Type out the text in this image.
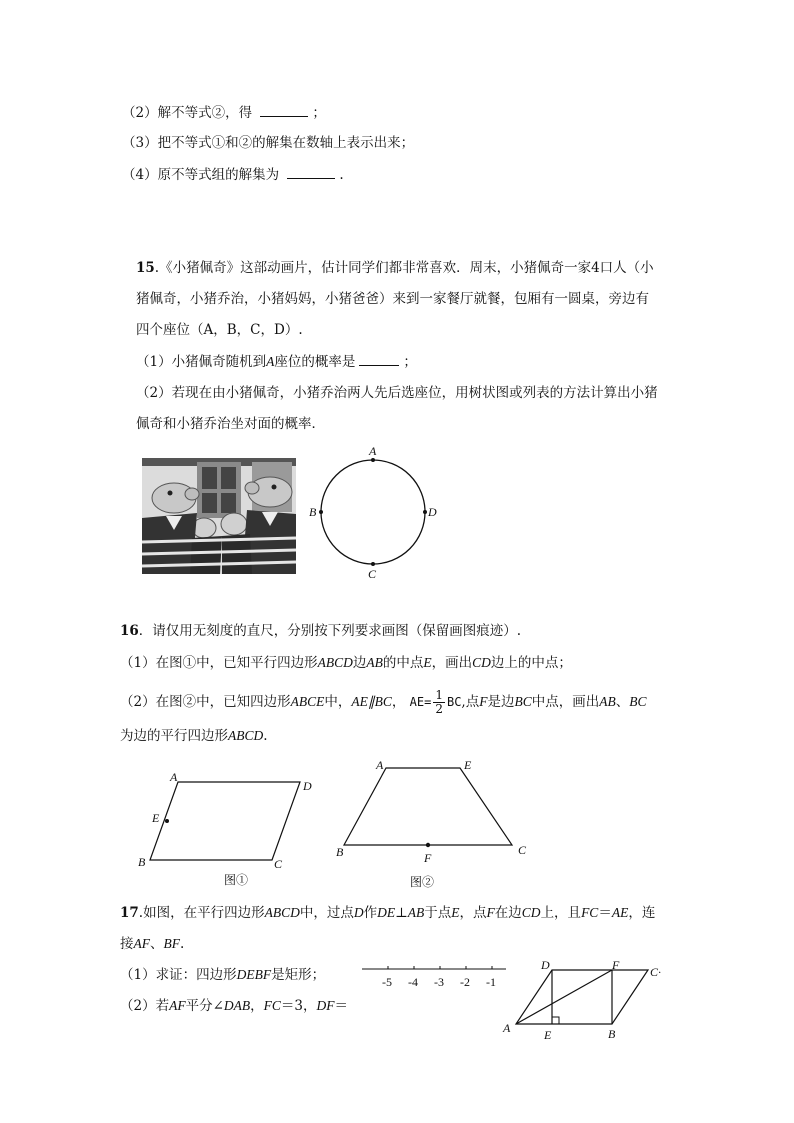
（2）解不等式②，得	；
（3）把不等式①和②的解集在数轴上表示出来；
（4）原不等式组的解集为	.
15.《小猪佩奇》这部动画片，估计同学们都非常喜欢．周末，小猪佩奇一家4口人（小
猪佩奇，小猪乔治，小猪妈妈，小猪爸爸）来到一家餐厅就餐，包厢有一圆桌，旁边有
四个座位（A，B，C，D）.
（1）小猪佩奇随机到A座位的概率是	；
（2）若现在由小猪佩奇，小猪乔治两人先后选座位，用树状图或列表的方法计算出小猪
佩奇和小猪乔治坐对面的概率．
A
B
C
D
16．请仅用无刻度的直尺，分别按下列要求画图（保留画图痕迹）.
（1）在图①中，已知平行四边形ABCD边AB的中点E，画出CD边上的中点；
（2）在图②中，已知四边形ABCE中，AE∥BC， $AE= \frac{1}{2}$ BC,点F是边BC中点，画出AB、BC
为边的平行四边形ABCD.
A
D
E
B	C
图①
A	E
B	F
C
图②
17.如图，在平行四边形ABCD中，过点D作DE⊥AB于点E，点F在边CD上，且FC＝AE，连
接AF、BF.
（1）求证：四边形DEBF是矩形；
（2）若AF平分∠DAB，FC＝3，DF＝
-5 -4 -3 -2 -1
D	F	C·
A	E	B
